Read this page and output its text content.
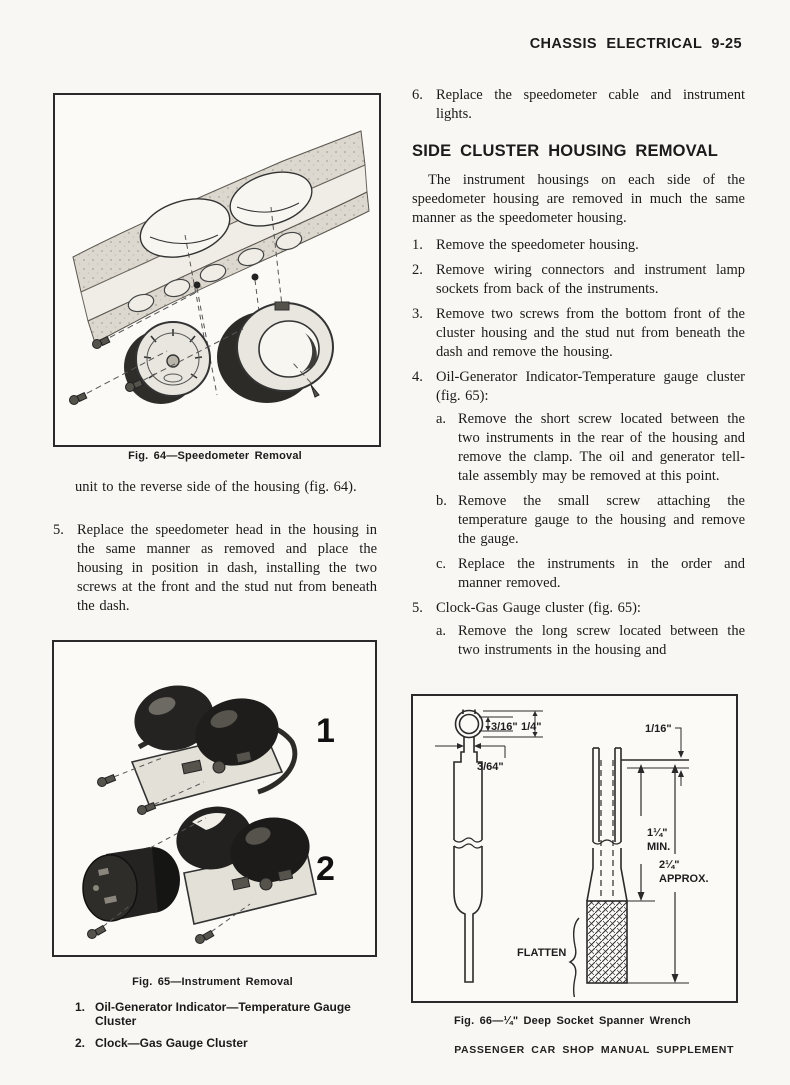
CHASSIS ELECTRICAL 9-25
Fig. 64—Speedometer Removal
unit to the reverse side of the housing (fig. 64).
5. Replace the speedometer head in the housing in the same manner as removed and place the housing in position in dash, installing the two screws at the front and the stud nut from beneath the dash.
1
2
Fig. 65—Instrument Removal
1. Oil-Generator Indicator—Temperature Gauge Cluster
2. Clock—Gas Gauge Cluster
6. Replace the speedometer cable and instrument lights.
SIDE CLUSTER HOUSING REMOVAL

The instrument housings on each side of the speedometer housing are removed in much the same manner as the speedometer housing.

1. Remove the speedometer housing.
2. Remove wiring connectors and instrument lamp sockets from back of the instruments.
3. Remove two screws from the bottom front of the cluster housing and the stud nut from beneath the dash and remove the housing.
4. Oil-Generator Indicator-Temperature gauge cluster (fig. 65):
a. Remove the short screw located between the two instruments in the rear of the housing and remove the clamp. The oil and generator tell-tale assembly may be removed at this point.
b. Remove the small screw attaching the temperature gauge to the housing and remove the gauge.
c. Replace the instruments in the order and manner removed.
5. Clock-Gas Gauge cluster (fig. 65):
a. Remove the long screw located between the two instruments in the housing and
3/16" 1/4"
3/64"
1/16"
1¼"
MIN.
2¼"
APPROX.
FLATTEN
Fig. 66—¼" Deep Socket Spanner Wrench
PASSENGER CAR SHOP MANUAL SUPPLEMENT
